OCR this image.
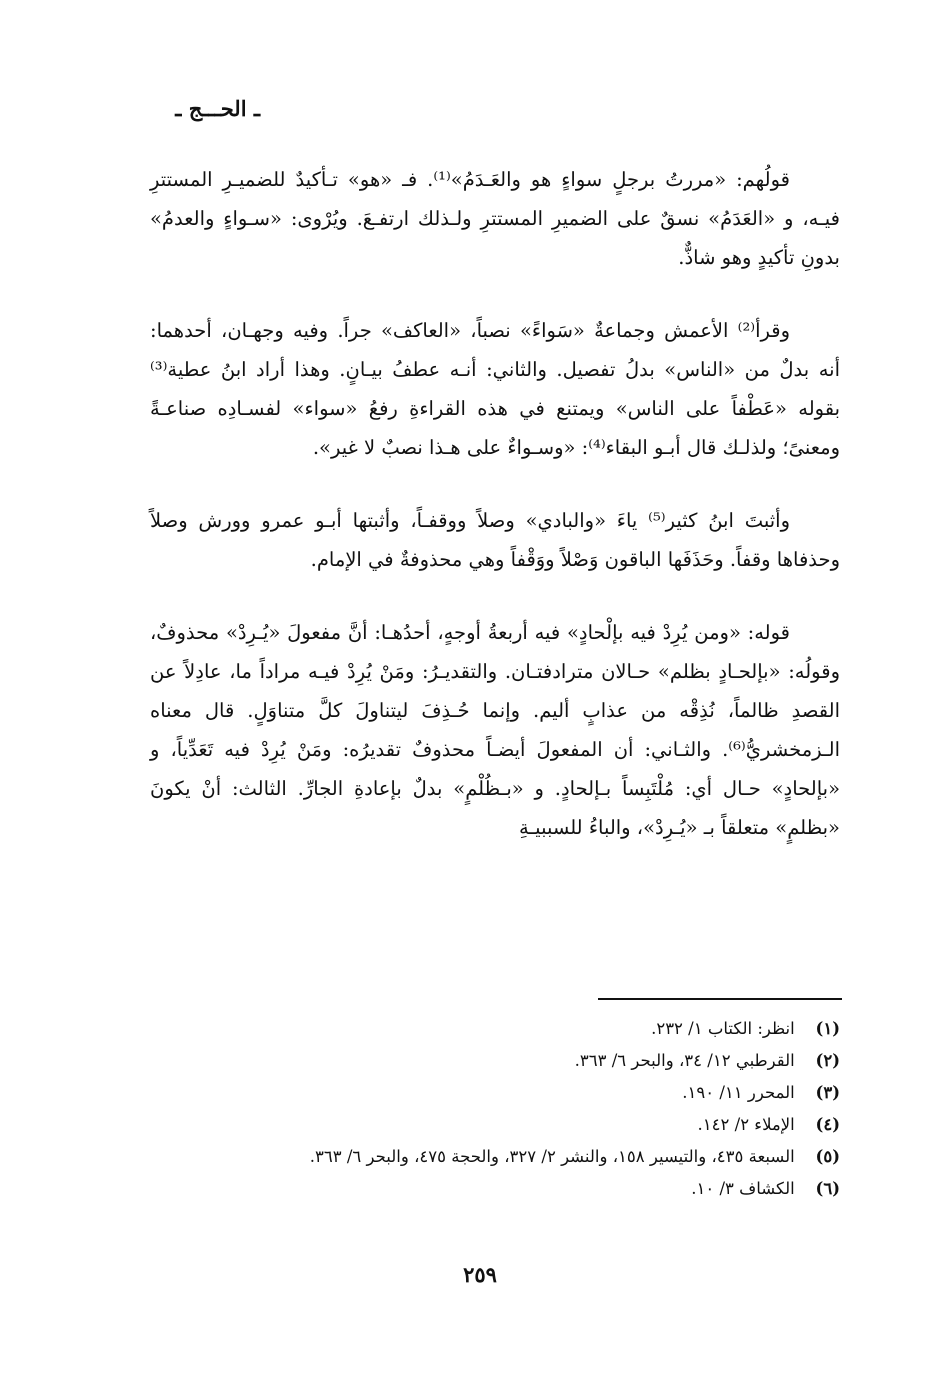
ـ الحـــج ـ

قولُهم: «مررتُ برجلٍ سواءٍ هو والعَـدَمُ»⁽¹⁾. فـ «هو» تـأكيدٌ للضميـرِ المستترِ فيـه، و «العَدَمُ» نسقٌ على الضميرِ المستترِ ولـذلك ارتفـعَ. ويُرْوى: «سـواءٍ والعدمُ» بدونِ تأكيدٍ وهو شاذٌّ.

وقرأ⁽²⁾ الأعمش وجماعةٌ «سَواءً» نصباً، «العاكف» جراً. وفيه وجهـان، أحدهما: أنه بدلٌ من «الناس» بدلُ تفصيل. والثاني: أنـه عطفُ بيـانٍ. وهذا أراد ابنُ عطية⁽³⁾ بقوله «عَطْفاً على الناس» ويمتنع في هذه القراءةِ رفعُ «سواء» لفسـادِه صناعـةً ومعنىً؛ ولذلـك قال أبـو البقاء⁽⁴⁾: «وسـواءٌ على هـذا نصبٌ لا غير».

وأثبتَ ابنُ كثير⁽⁵⁾ ياءَ «والبادي» وصلاً ووقفـاً، وأثبتها أبـو عمرو وورش وصلاً وحذفاها وقفاً. وحَذَفَها الباقون وَصْلاً ووَقْفاً وهي محذوفةٌ في الإمام.

قوله: «ومن يُرِدْ فيه بإلْحادٍ» فيه أربعةُ أوجهٍ، أحدُهـا: أنَّ مفعولَ «يُـرِدْ» محذوفٌ، وقولُه: «بإلحـادٍ بظلم» حـالان مترادفتـان. والتقديـرُ: ومَنْ يُرِدْ فيـه مراداً ما، عادِلاً عن القصدِ ظالماً، نُذِقْه من عذابٍ أليم. وإنما حُـذِفَ ليتناولَ كلَّ متناوَلٍ. قال معناه الـزمخشريُّ⁽⁶⁾. والثـاني: أن المفعولَ أيضـاً محذوفٌ تقديرُه: ومَنْ يُرِدْ فيه تَعَدِّياً، و «بإلحادٍ» حـال أي: مُلْتَبِساً بـإلحادٍ. و «بـظُلْمٍ» بدلٌ بإعادةِ الجارِّ. الثالث: أنْ يكونَ «بظلمٍ» متعلقاً بـ «يُـرِدْ»، والباءُ للسببيـةِ

(١) انظر: الكتاب ١/ ٢٣٢.
(٢) القرطبي ١٢/ ٣٤، والبحر ٦/ ٣٦٣.
(٣) المحرر ١١/ ١٩٠.
(٤) الإملاء ٢/ ١٤٢.
(٥) السبعة ٤٣٥، والتيسير ١٥٨، والنشر ٢/ ٣٢٧، والحجة ٤٧٥، والبحر ٦/ ٣٦٣.
(٦) الكشاف ٣/ ١٠.
٢٥٩
